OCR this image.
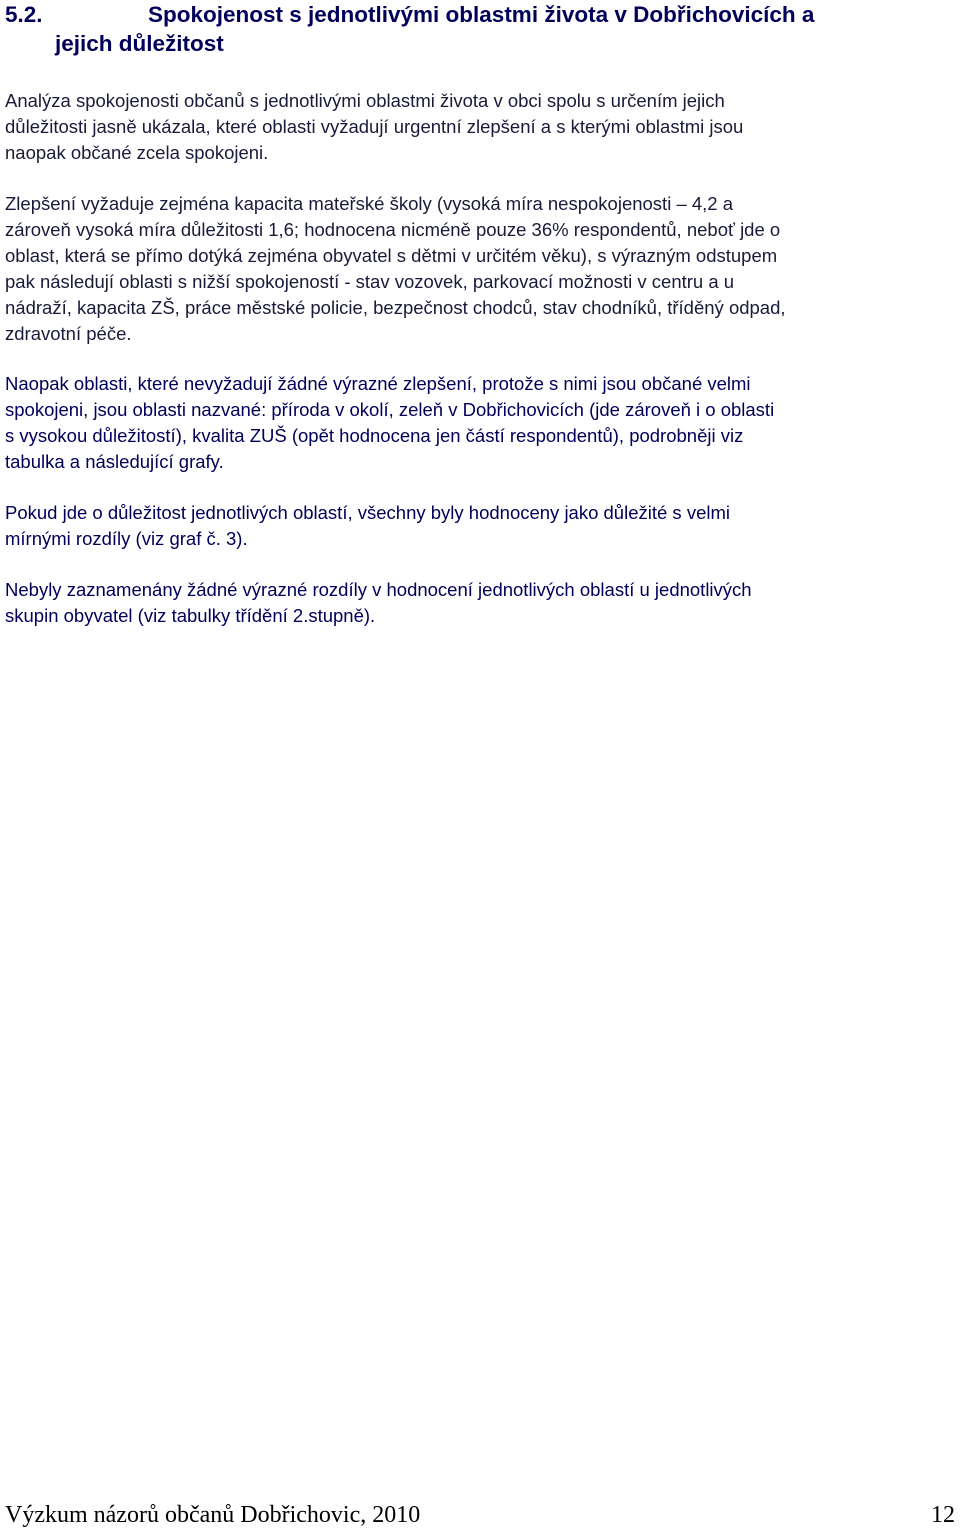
5.2.	Spokojenost s jednotlivými oblastmi života v Dobřichovicích a
jejich důležitost
Analýza spokojenosti občanů s jednotlivými oblastmi života v obci spolu s určením jejich
důležitosti jasně ukázala, které oblasti vyžadují urgentní zlepšení a s kterými oblastmi jsou
naopak občané zcela spokojeni.
Zlepšení vyžaduje zejména kapacita mateřské školy (vysoká míra nespokojenosti – 4,2 a
zároveň vysoká míra důležitosti 1,6; hodnocena nicméně pouze 36% respondentů, neboť jde o
oblast, která se přímo dotýká zejména obyvatel s dětmi v určitém věku), s výrazným odstupem
pak následují oblasti s nižší spokojeností - stav vozovek, parkovací možnosti v centru a u
nádraží, kapacita ZŠ, práce městské policie, bezpečnost chodců, stav chodníků, tříděný odpad,
zdravotní péče.
Naopak oblasti, které nevyžadují žádné výrazné zlepšení, protože s nimi jsou občané velmi
spokojeni, jsou oblasti nazvané: příroda v okolí, zeleň v Dobřichovicích (jde zároveň i o oblasti
s vysokou důležitostí), kvalita ZUŠ (opět hodnocena jen částí respondentů), podrobněji viz
tabulka a následující grafy.
Pokud jde o důležitost jednotlivých oblastí, všechny byly hodnoceny jako důležité s velmi
mírnými rozdíly (viz graf č. 3).
Nebyly zaznamenány žádné výrazné rozdíly v hodnocení jednotlivých oblastí u jednotlivých
skupin obyvatel (viz tabulky třídění 2.stupně).
Výzkum názorů občanů Dobřichovic, 2010	12
